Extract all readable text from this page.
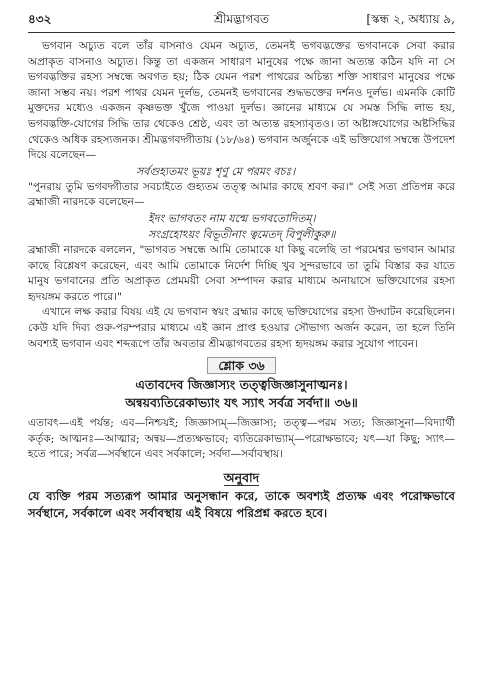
৪৩২	শ্রীমদ্ভাগবত	[স্কন্ধ ২, অধ্যায় ৯,

ভগবান অচ্যুত বলে তাঁর বাসনাও যেমন অচ্যুত, তেমনই ভগবদ্ভক্তের ভগবানকে সেবা করার অপ্রাকৃত বাসনাও অচ্যুত। কিন্তু তা একজন সাধারণ মানুষের পক্ষে জানা অত্যন্ত কঠিন যদি না সে ভগবদ্ভক্তির রহস্য সম্বন্ধে অবগত হয়; ঠিক যেমন পরশ পাথরের অচিন্ত্য শক্তি সাধারণ মানুষের পক্ষে জানা সম্ভব নয়। পরশ পাথর যেমন দুর্লভ, তেমনই ভগবানের শুদ্ধভক্তের দর্শনও দুর্লভ। এমনকি কোটি মুক্তদের মধ্যেও একজন কৃষ্ণভক্ত খুঁজে পাওয়া দুর্লভ। জ্ঞানের মাধ্যমে যে সমস্ত সিদ্ধি লাভ হয়, ভগবদ্ভক্তি-যোগের সিদ্ধি তার থেকেও শ্রেষ্ঠ, এবং তা অত্যন্ত রহস্যাবৃতও। তা অষ্টাঙ্গযোগের অষ্টসিদ্ধির থেকেও অধিক রহস্যজনক। শ্রীমদ্ভগবদ্গীতায় (১৮/৬৪) ভগবান অর্জুনকে এই ভক্তিযোগ সম্বন্ধে উপদেশ দিয়ে বলেছেন—

সর্বগুহ্যতমং ভূয়ঃ শৃণু মে পরমং বচঃ।

"পুনরায় তুমি ভগবদ্গীতার সবচাইতে গুহ্যতম তত্ত্ব আমার কাছে শ্রবণ কর।" সেই সত্য প্রতিপন্ন করে ব্রহ্মাজী নারদকে বলেছেন—

ইদং ভাগবতং নাম যন্মে ভগবতোদিতম্।
সংগ্রহোঽয়ং বিভূতীনাং ত্বমেতদ্ বিপুলীকুরু॥

ব্রহ্মাজী নারদকে বললেন, "ভাগবত সম্বন্ধে আমি তোমাকে যা কিছু বলেছি তা পরমেশ্বর ভগবান আমার কাছে বিশ্লেষণ করেছেন, এবং আমি তোমাকে নির্দেশ দিচ্ছি খুব সুন্দরভাবে তা তুমি বিস্তার কর যাতে মানুষ ভগবানের প্রতি অপ্রাকৃত প্রেমময়ী সেবা সম্পাদন করার মাধ্যমে অনায়াসে ভক্তিযোগের রহস্য হৃদয়ঙ্গম করতে পারে।"

এখানে লক্ষ করার বিষয় এই যে ভগবান স্বয়ং ব্রহ্মার কাছে ভক্তিযোগের রহস্য উদ্ঘাটন করেছিলেন। কেউ যদি দিব্য গুরু-পরম্পরার মাধ্যমে এই জ্ঞান প্রাপ্ত হওয়ার সৌভাগ্য অর্জন করেন, তা হলে তিনি অবশ্যই ভগবান এবং শব্দরূপে তাঁর অবতার শ্রীমদ্ভাগবতের রহস্য হৃদয়ঙ্গম করার সুযোগ পাবেন।

শ্লোক ৩৬

এতাবদেব জিজ্ঞাস্যং তত্ত্বজিজ্ঞাসুনাত্মনঃ।

অন্বয়ব্যতিরেকাভ্যাং যৎ স্যাৎ সর্বত্র সর্বদা॥ ৩৬॥

এতাবৎ—এই পর্যন্ত; এব—নিশ্চয়ই; জিজ্ঞাস্যম্—জিজ্ঞাস্য; তত্ত্ব—পরম সত্য; জিজ্ঞাসুনা—বিদ্যার্থী কর্তৃক; আত্মনঃ—আত্মার; অন্বয়—প্রত্যক্ষভাবে; ব্যতিরেকাভ্যাম্—পরোক্ষভাবে; যৎ—যা কিছু; স্যাৎ—হতে পারে; সর্বত্র—সর্বস্থানে এবং সর্বকালে; সর্বদা—সর্বাবস্থায়।

অনুবাদ

যে ব্যক্তি পরম সত্যরূপ আমার অনুসন্ধান করে, তাকে অবশ্যই প্রত্যক্ষ এবং পরোক্ষভাবে সর্বস্থানে, সর্বকালে এবং সর্বাবস্থায় এই বিষয়ে পরিপ্রশ্ন করতে হবে।
